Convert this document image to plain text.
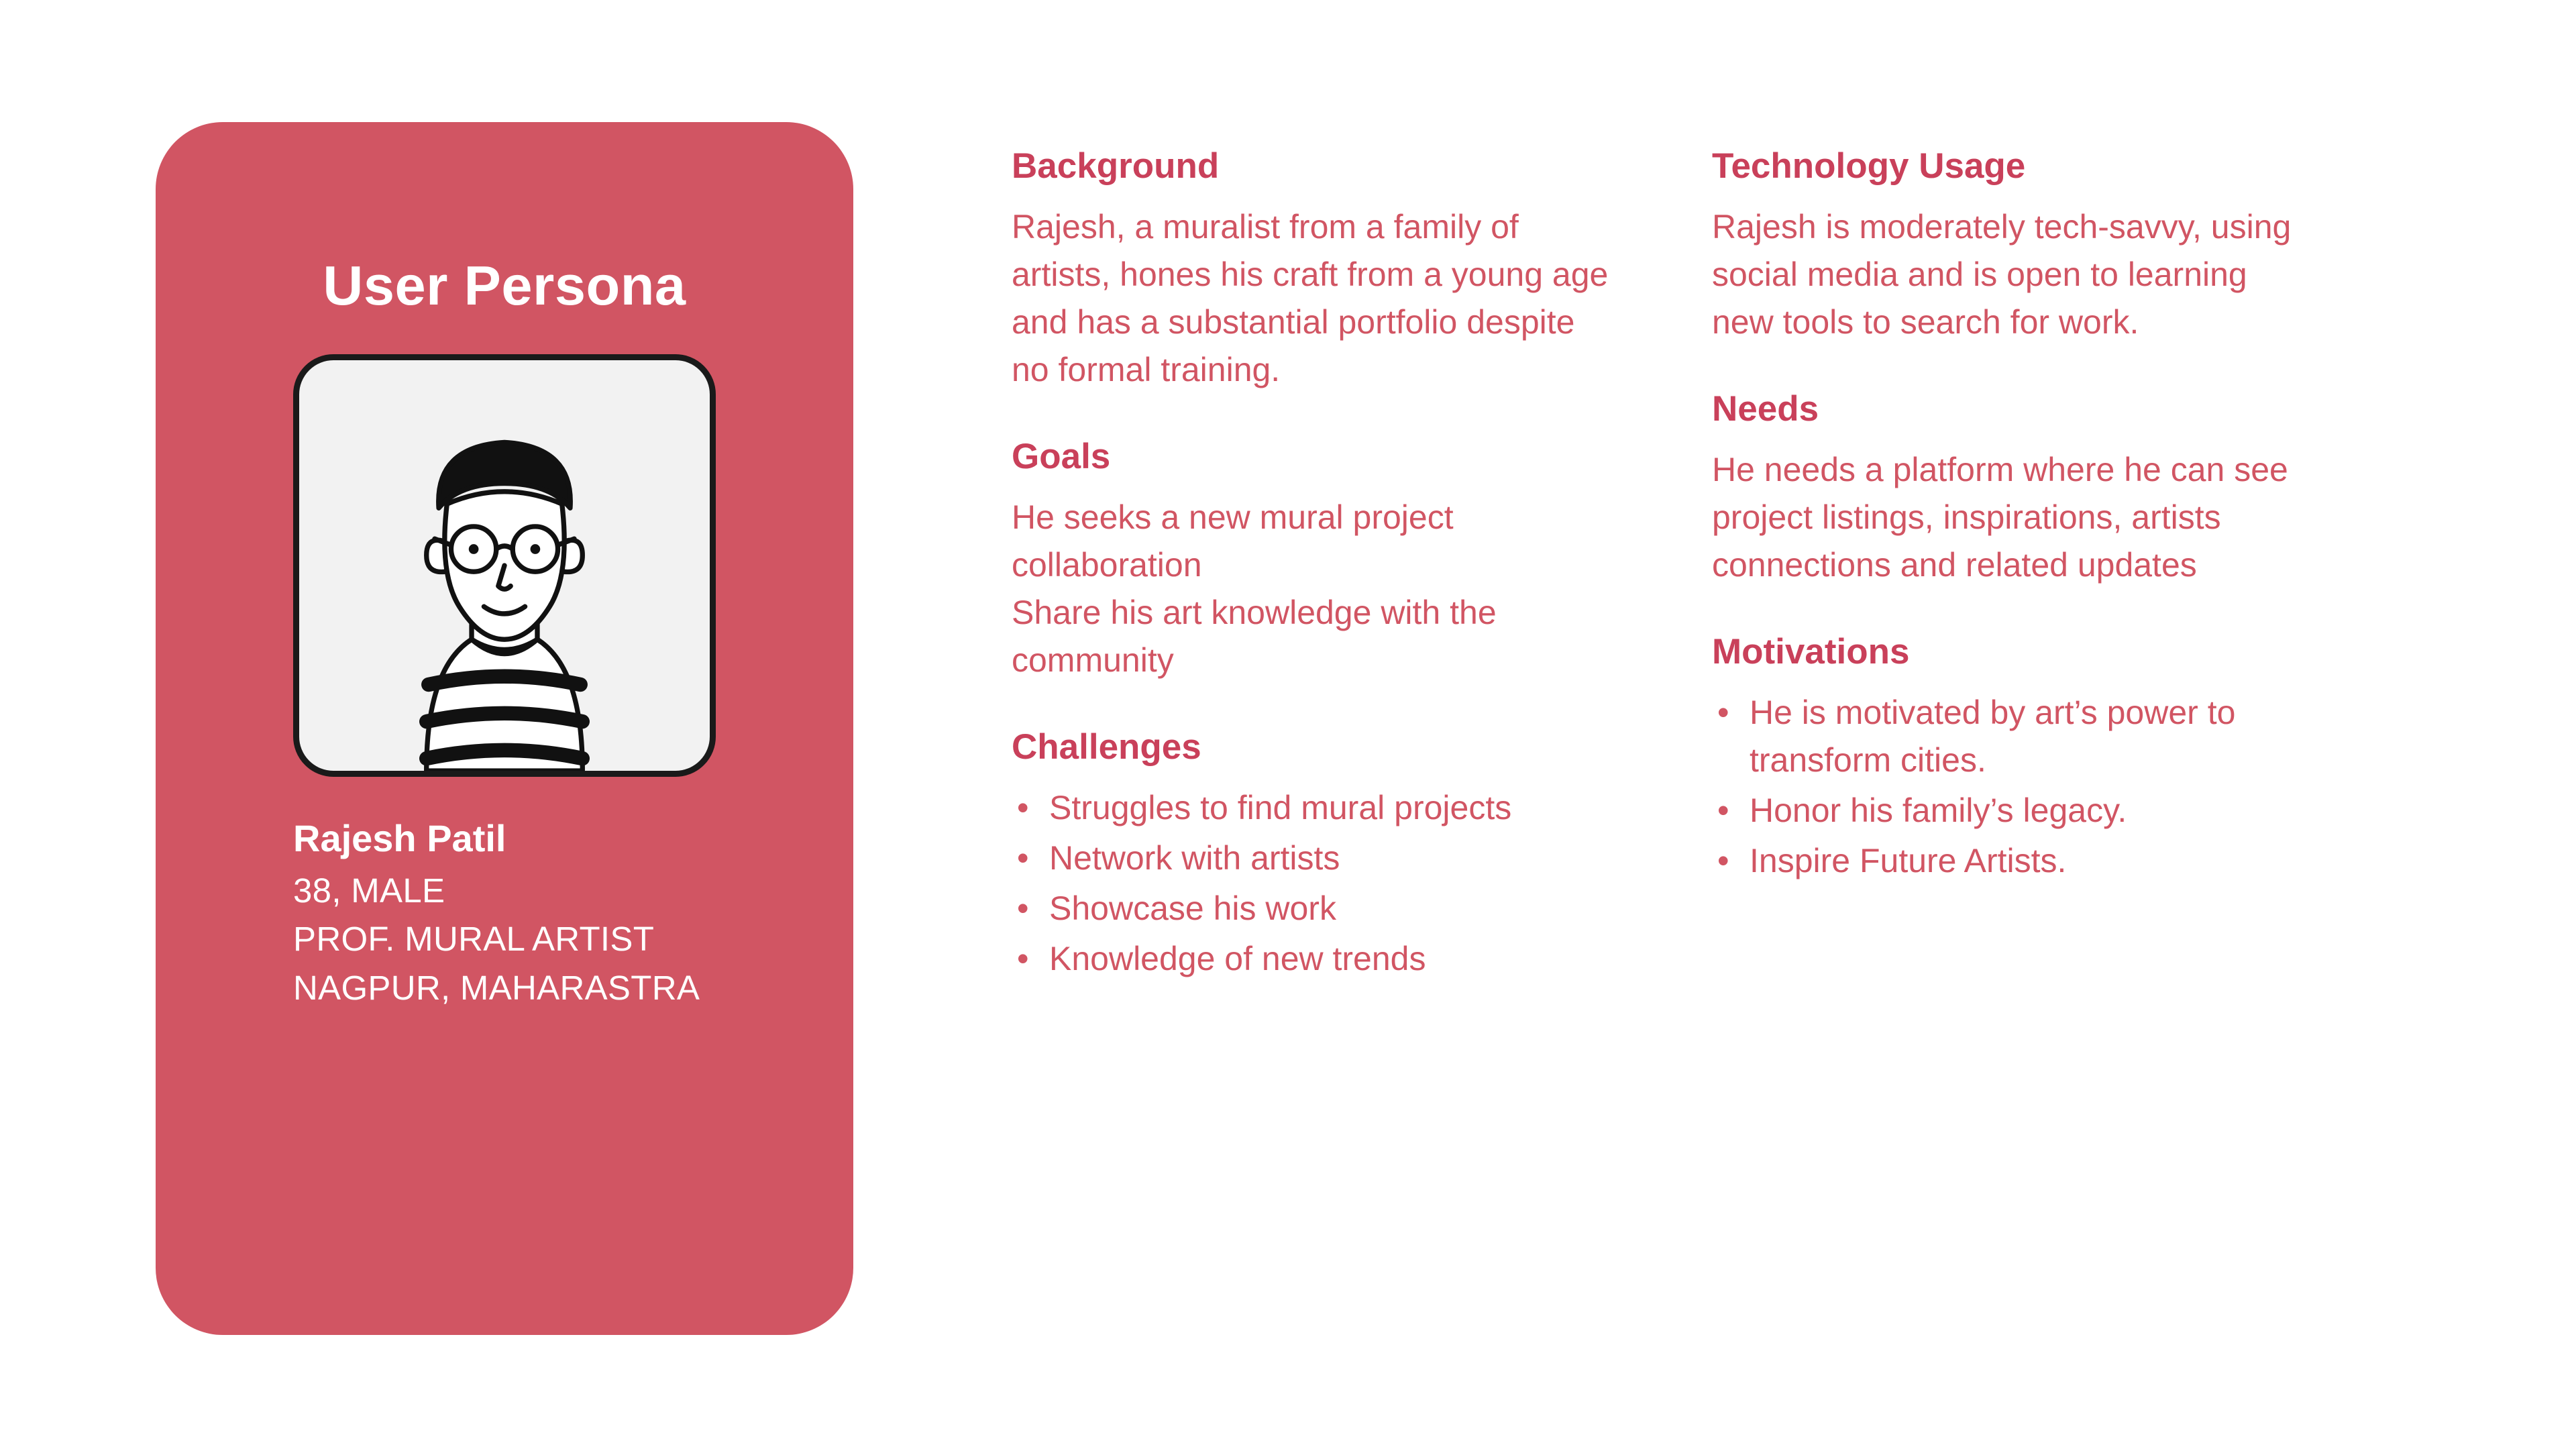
User Persona
Rajesh Patil
38, MALE
PROF. MURAL ARTIST
NAGPUR, MAHARASTRA
Background

Rajesh, a muralist from a family of artists, hones his craft from a young age and has a substantial portfolio despite no formal training.

Goals

He seeks a new mural project collaboration

Share his art knowledge with the community

Challenges
• Struggles to find mural projects
• Network with artists
• Showcase his work
• Knowledge of new trends
Technology Usage

Rajesh is moderately tech-savvy, using social media and is open to learning new tools to search for work.

Needs

He needs a platform where he can see project listings, inspirations, artists connections and related updates

Motivations
• He is motivated by art’s power to transform cities.
• Honor his family’s legacy.
• Inspire Future Artists.
